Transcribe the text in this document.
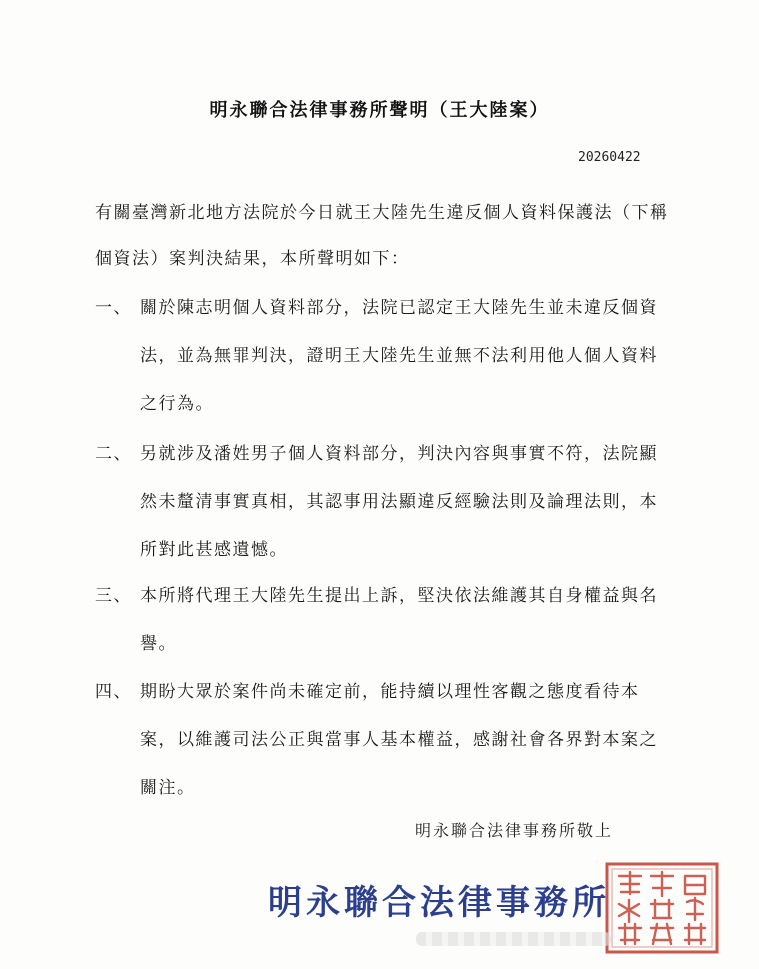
明永聯合法律事務所聲明（王大陸案）
20260422

有關臺灣新北地方法院於今日就王大陸先生違反個人資料保護法（下稱個資法）案判決結果，本所聲明如下：

一、 關於陳志明個人資料部分，法院已認定王大陸先生並未違反個資法，並為無罪判決，證明王大陸先生並無不法利用他人個人資料之行為。
二、 另就涉及潘姓男子個人資料部分，判決內容與事實不符，法院顯然未釐清事實真相，其認事用法顯違反經驗法則及論理法則，本所對此甚感遺憾。
三、 本所將代理王大陸先生提出上訴，堅決依法維護其自身權益與名譽。
四、 期盼大眾於案件尚未確定前，能持續以理性客觀之態度看待本案，以維護司法公正與當事人基本權益，感謝社會各界對本案之關注。
明永聯合法律事務所敬上
明永聯合法律事務所
